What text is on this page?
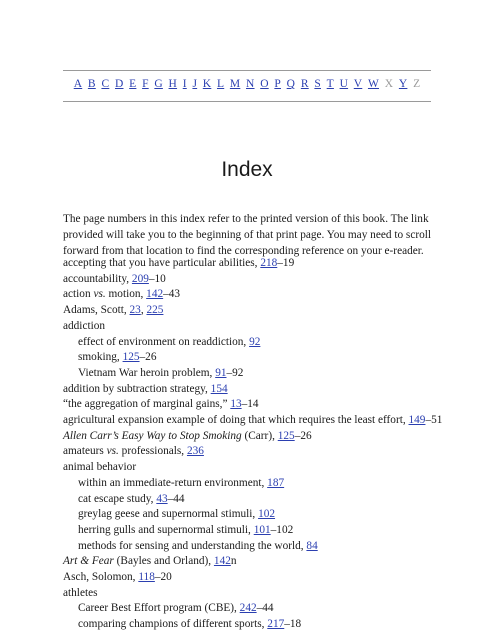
A B C D E F G H I J K L M N O P Q R S T U V W X Y Z
Index

The page numbers in this index refer to the printed version of this book. The link provided will take you to the beginning of that print page. You may need to scroll forward from that location to find the corresponding reference on your e-reader.

accepting that you have particular abilities, 218–19
accountability, 209–10
action vs. motion, 142–43
Adams, Scott, 23, 225
addiction
effect of environment on readdiction, 92
smoking, 125–26
Vietnam War heroin problem, 91–92
addition by subtraction strategy, 154
“the aggregation of marginal gains,” 13–14
agricultural expansion example of doing that which requires the least effort, 149–51
Allen Carr’s Easy Way to Stop Smoking (Carr), 125–26
amateurs vs. professionals, 236
animal behavior
within an immediate-return environment, 187
cat escape study, 43–44
greylag geese and supernormal stimuli, 102
herring gulls and supernormal stimuli, 101–102
methods for sensing and understanding the world, 84
Art & Fear (Bayles and Orland), 142n
Asch, Solomon, 118–20
athletes
Career Best Effort program (CBE), 242–44
comparing champions of different sports, 217–18
